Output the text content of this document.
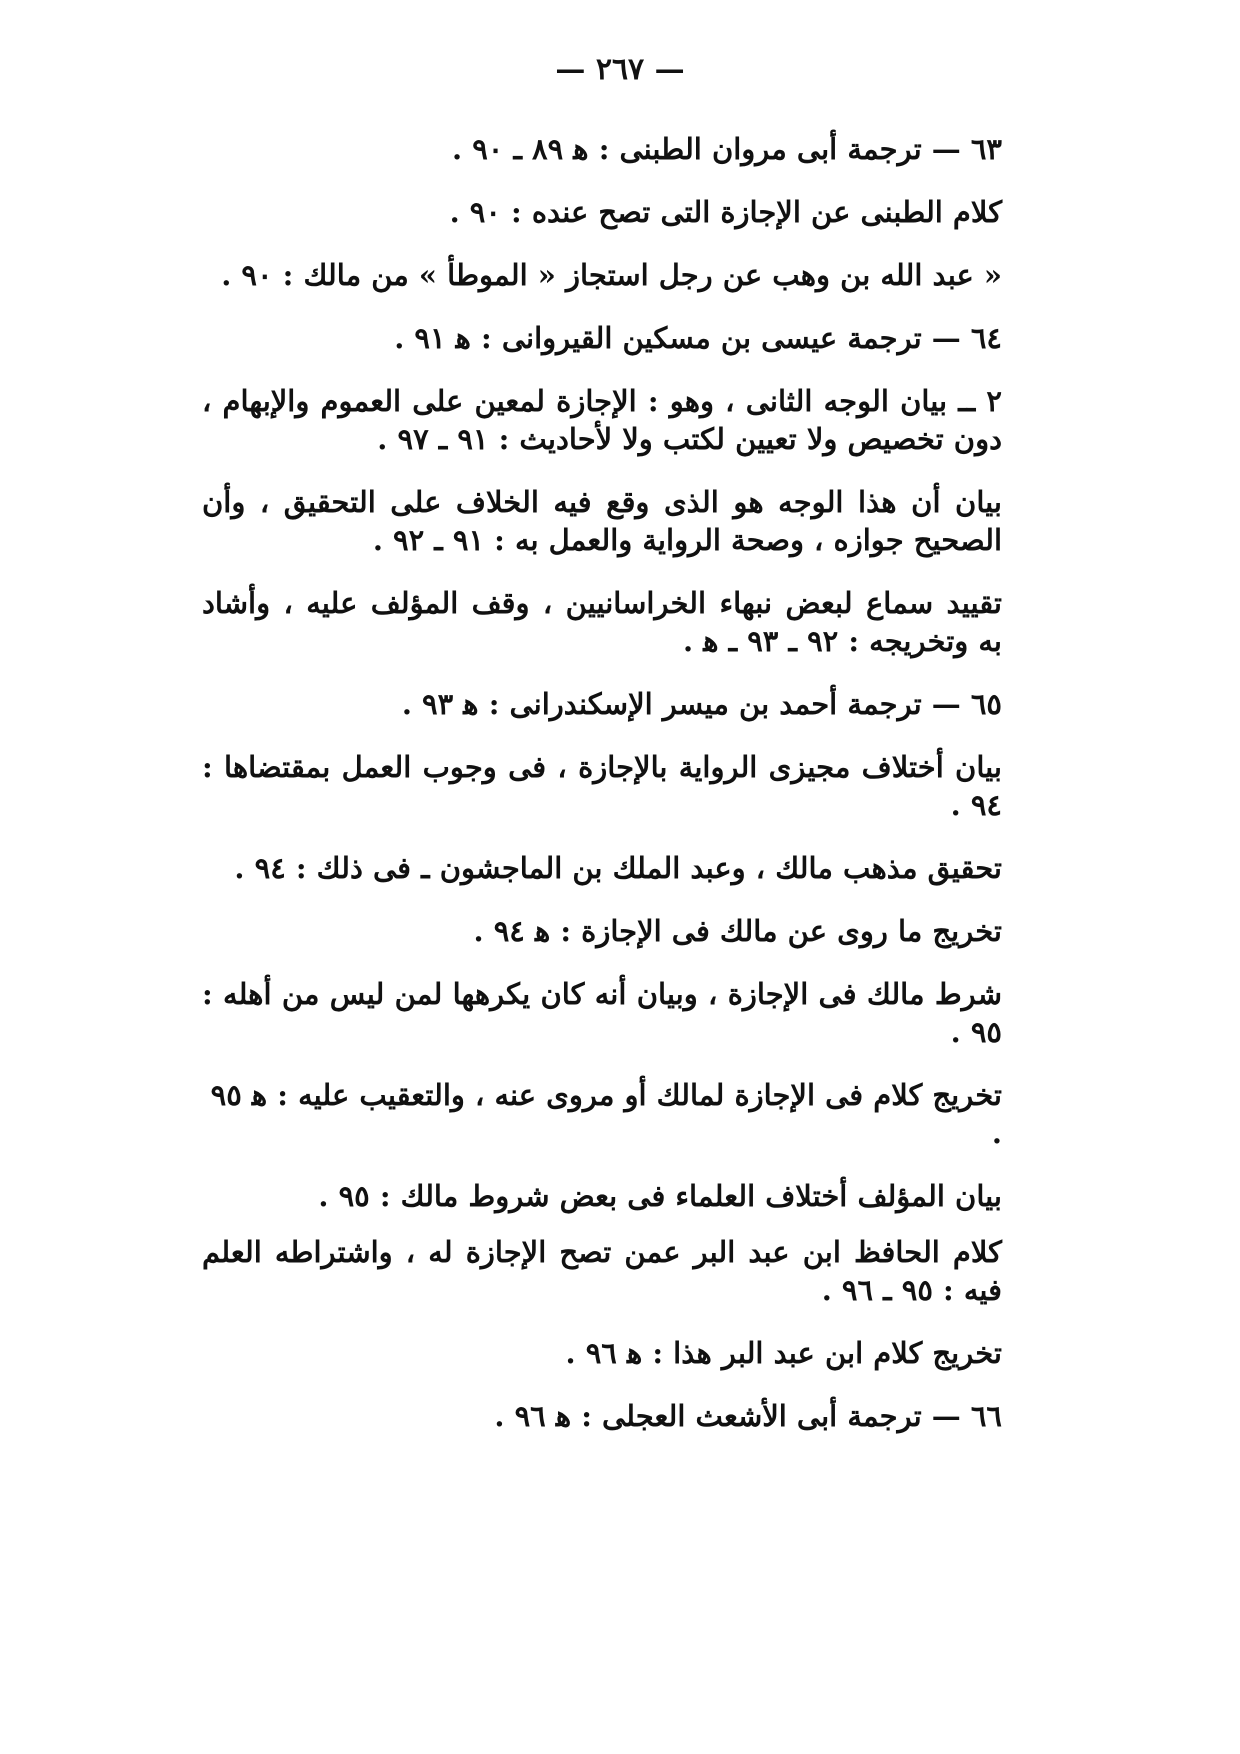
— ٢٦٧ —

٦٣ — ترجمة أبى مروان الطبنى : ﻫ ٨٩ ـ ٩٠ .

كلام الطبنى عن الإجازة التى تصح عنده : ٩٠ .

« عبد الله بن وهب عن رجل استجاز « الموطأ » من مالك : ٩٠ .

٦٤ — ترجمة عيسى بن مسكين القيروانى : ﻫ ٩١ .

٢ ــ بيان الوجه الثانى ، وهو : الإجازة لمعين على العموم والإبهام ، دون تخصيص ولا تعيين لكتب ولا لأحاديث : ٩١ ـ ٩٧ .

بيان أن هذا الوجه هو الذى وقع فيه الخلاف على التحقيق ، وأن الصحيح جوازه ، وصحة الرواية والعمل به : ٩١ ـ ٩٢ .

تقييد سماع لبعض نبهاء الخراسانيين ، وقف المؤلف عليه ، وأشاد به وتخريجه : ٩٢ ـ ٩٣ ـ ﻫ .

٦٥ — ترجمة أحمد بن ميسر الإسكندرانى : ﻫ ٩٣ .

بيان أختلاف مجيزى الرواية بالإجازة ، فى وجوب العمل بمقتضاها : ٩٤ .

تحقيق مذهب مالك ، وعبد الملك بن الماجشون ـ فى ذلك : ٩٤ .

تخريج ما روى عن مالك فى الإجازة : ﻫ ٩٤ .

شرط مالك فى الإجازة ، وبيان أنه كان يكرهها لمن ليس من أهله : ٩٥ .

تخريج كلام فى الإجازة لمالك أو مروى عنه ، والتعقيب عليه : ﻫ ٩٥ .

بيان المؤلف أختلاف العلماء فى بعض شروط مالك : ٩٥ .

كلام الحافظ ابن عبد البر عمن تصح الإجازة له ، واشتراطه العلم فيه : ٩٥ ـ ٩٦ .

تخريج كلام ابن عبد البر هذا : ﻫ ٩٦ .

٦٦ — ترجمة أبى الأشعث العجلى : ﻫ ٩٦ .
